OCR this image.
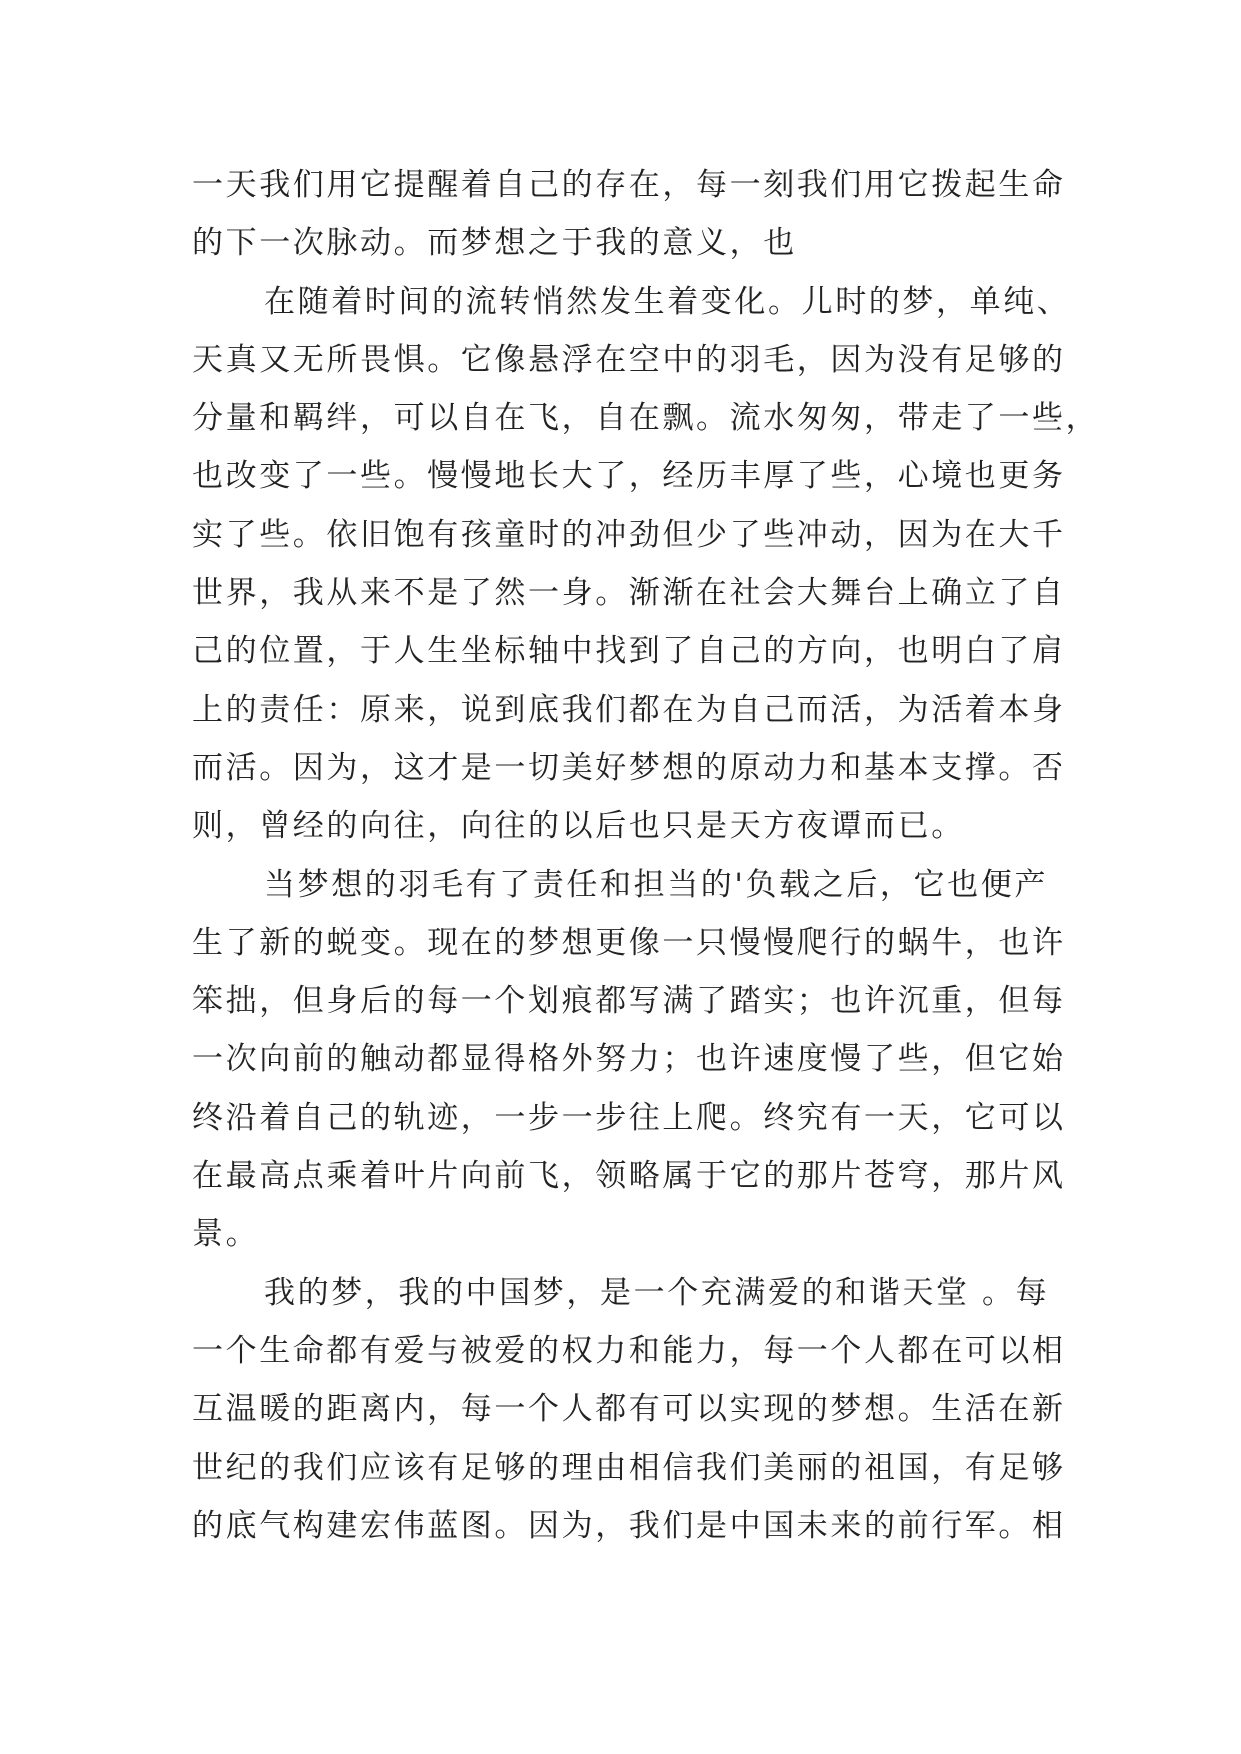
一天我们用它提醒着自己的存在，每一刻我们用它拨起生命
的下一次脉动。而梦想之于我的意义，也
在随着时间的流转悄然发生着变化。儿时的梦，单纯、
天真又无所畏惧。它像悬浮在空中的羽毛，因为没有足够的
分量和羁绊，可以自在飞，自在飘。流水匆匆，带走了一些，
也改变了一些。慢慢地长大了，经历丰厚了些，心境也更务
实了些。依旧饱有孩童时的冲劲但少了些冲动，因为在大千
世界，我从来不是了然一身。渐渐在社会大舞台上确立了自
己的位置，于人生坐标轴中找到了自己的方向，也明白了肩
上的责任：原来，说到底我们都在为自己而活，为活着本身
而活。因为，这才是一切美好梦想的原动力和基本支撑。否
则，曾经的向往，向往的以后也只是天方夜谭而已。
当梦想的羽毛有了责任和担当的'负载之后，它也便产
生了新的蜕变。现在的梦想更像一只慢慢爬行的蜗牛，也许
笨拙，但身后的每一个划痕都写满了踏实；也许沉重，但每
一次向前的触动都显得格外努力；也许速度慢了些，但它始
终沿着自己的轨迹，一步一步往上爬。终究有一天，它可以
在最高点乘着叶片向前飞，领略属于它的那片苍穹，那片风
景。
我的梦，我的中国梦，是一个充满爱的和谐天堂 。每
一个生命都有爱与被爱的权力和能力，每一个人都在可以相
互温暖的距离内，每一个人都有可以实现的梦想。生活在新
世纪的我们应该有足够的理由相信我们美丽的祖国，有足够
的底气构建宏伟蓝图。因为，我们是中国未来的前行军。相
